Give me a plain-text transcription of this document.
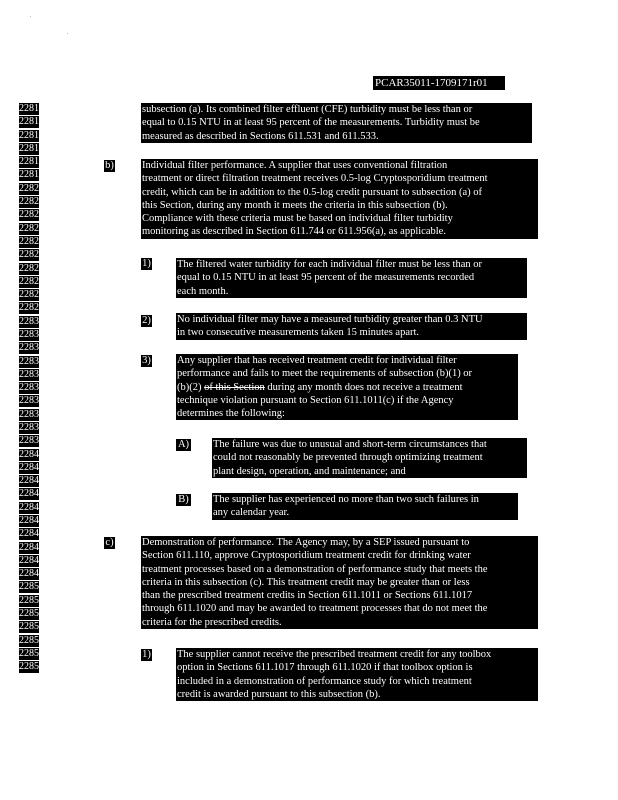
PCAR35011-1709171r01
22814
22815
22816
22817
22818
22819
22820
22821
22822
22823
22824
22825
22826
22827
22828
22829
22830
22831
22832
22833
22834
22835
22836
22837
22838
22839
22840
22841
22842
22843
22844
22845
22846
22847
22848
22849
22850
22851
22852
22853
22854
22855
22856
subsection (a). Its combined filter effluent (CFE) turbidity must be less than or
equal to 0.15 NTU in at least 95 percent of the measurements. Turbidity must be
measured as described in Sections 611.531 and 611.533.
b)	Individual filter performance. A supplier that uses conventional filtration
treatment or direct filtration treatment receives 0.5-log Cryptosporidium treatment
credit, which can be in addition to the 0.5-log credit pursuant to subsection (a) of
this Section, during any month it meets the criteria in this subsection (b).
Compliance with these criteria must be based on individual filter turbidity
monitoring as described in Section 611.744 or 611.956(a), as applicable.
1) The filtered water turbidity for each individual filter must be less than or
equal to 0.15 NTU in at least 95 percent of the measurements recorded
each month.
2) No individual filter may have a measured turbidity greater than 0.3 NTU
in two consecutive measurements taken 15 minutes apart.
3) Any supplier that has received treatment credit for individual filter
performance and fails to meet the requirements of subsection (b)(1) or
(b)(2) of this Section during any month does not receive a treatment
technique violation pursuant to Section 611.1011(c) if the Agency
determines the following:
A) The failure was due to unusual and short-term circumstances that
could not reasonably be prevented through optimizing treatment
plant design, operation, and maintenance; and
B) The supplier has experienced no more than two such failures in
any calendar year.
c)	Demonstration of performance. The Agency may, by a SEP issued pursuant to
Section 611.110, approve Cryptosporidium treatment credit for drinking water
treatment processes based on a demonstration of performance study that meets the
criteria in this subsection (c). This treatment credit may be greater than or less
than the prescribed treatment credits in Section 611.1011 or Sections 611.1017
through 611.1020 and may be awarded to treatment processes that do not meet the
criteria for the prescribed credits.
1) The supplier cannot receive the prescribed treatment credit for any toolbox
option in Sections 611.1017 through 611.1020 if that toolbox option is
included in a demonstration of performance study for which treatment
credit is awarded pursuant to this subsection (b).
